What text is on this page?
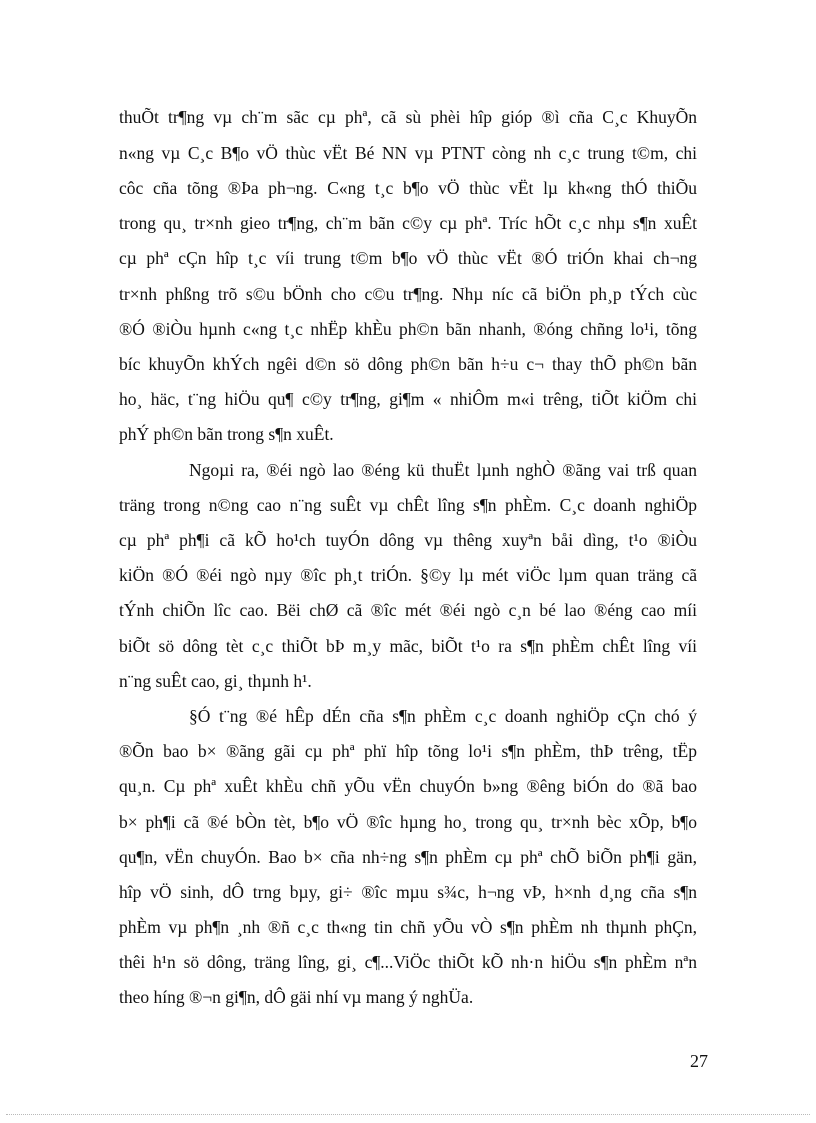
thuÕt tr¶ng vµ ch¨m sãc cµ phª, cã sù phèi hîp gióp ®ì cña C¸c KhuyÕn
n«ng vµ C¸c B¶o vÖ thùc vËt Bé NN vµ PTNT còng nh c¸c trung t©m, chi
côc cña tõng ®Þa ph¬ng. C«ng t¸c b¶o vÖ thùc vËt lµ kh«ng thÓ thiÕu
trong qu¸ tr×nh gieo tr¶ng, ch¨m bãn c©y cµ phª. Tríc hÕt c¸c nhµ s¶n xuÊt
cµ phª cÇn hîp t¸c víi trung t©m b¶o vÖ thùc vËt ®Ó triÓn khai ch¬ng
tr×nh phßng trõ s©u bÖnh cho c©u tr¶ng. Nhµ níc cã biÖn ph¸p tÝch cùc
®Ó ®iÒu hµnh c«ng t¸c nhËp khÈu ph©n bãn nhanh, ®óng chñng lo¹i, tõng
bíc khuyÕn khÝch ngêi d©n sö dông ph©n bãn h÷u c¬ thay thÕ ph©n bãn
ho¸ häc, t¨ng hiÖu qu¶ c©y tr¶ng, gi¶m « nhiÔm m«i trêng, tiÕt kiÖm chi
phÝ ph©n bãn trong s¶n xuÊt.
Ngoµi ra, ®éi ngò lao ®éng kü thuËt lµnh nghÒ ®ãng vai trß quan
träng trong n©ng cao n¨ng suÊt vµ chÊt lîng s¶n phÈm. C¸c doanh nghiÖp
cµ phª ph¶i cã kÕ ho¹ch tuyÓn dông vµ thêng xuyªn båi dìng, t¹o ®iÒu
kiÖn ®Ó ®éi ngò nµy ®îc ph¸t triÓn. §©y lµ mét viÖc lµm quan träng cã
tÝnh chiÕn lîc cao. Bëi chØ cã ®îc mét ®éi ngò c¸n bé lao ®éng cao míi
biÕt sö dông tèt c¸c thiÕt bÞ m¸y mãc, biÕt t¹o ra s¶n phÈm chÊt lîng víi
n¨ng suÊt cao, gi¸ thµnh h¹.
§Ó t¨ng ®é hÊp dÉn cña s¶n phÈm c¸c doanh nghiÖp cÇn chó ý
®Õn bao b× ®ãng gãi cµ phª phï hîp tõng lo¹i s¶n phÈm, thÞ trêng, tËp
qu¸n. Cµ phª xuÊt khÈu chñ yÕu vËn chuyÓn b»ng ®êng biÓn do ®ã bao
b× ph¶i cã ®é bÒn tèt, b¶o vÖ ®îc hµng ho¸ trong qu¸ tr×nh bèc xÕp, b¶o
qu¶n, vËn chuyÓn. Bao b× cña nh÷ng s¶n phÈm cµ phª chÕ biÕn ph¶i gän,
hîp vÖ sinh, dÔ trng bµy, gi÷ ®îc mµu s¾c, h¬ng vÞ, h×nh d¸ng cña s¶n
phÈm vµ ph¶n ¸nh ®ñ c¸c th«ng tin chñ yÕu vÒ s¶n phÈm nh thµnh phÇn,
thêi h¹n sö dông, träng lîng, gi¸ c¶...ViÖc thiÕt kÕ nh·n hiÖu s¶n phÈm nªn
theo híng ®¬n gi¶n, dÔ gäi nhí vµ mang ý nghÜa.
27
